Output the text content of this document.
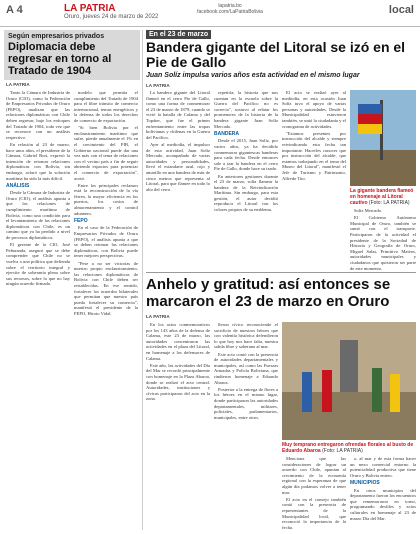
A 4	LA PATRIA
Oruro, jueves 24 de marzo de 2022
lapatria.bo
facebook.com/LaPatriaBolivia	local
Según empresarios privados
Diplomacia debe regresar en torno al Tratado de 1904
LA PATRIA

Tanto la Cámara de Industria de Oruro (CIO), como la Federación de Empresarios Privados de Oruro (FEPO), analizan que las relaciones diplomáticas con Chile deben regresar, bajo los enfoques del Tratado de 1904, toda vez que se reconoce con un análisis respectivo.

En relación al 23 de marzo, hace unos años, el presidente de la Cámara, Gabriel Bori, expresó la intención de retomar relaciones diplomáticas con Bolivia, sin embargo, aclaró que la solución marítima ha sido la más difícil.

ANÁLISIS

Desde la Cámara de Industria de Oruro (CIO), el análisis apunta a que las relaciones de cumplimiento marítimo de Bolivia, como una condición para el levantamiento de las relaciones diplomáticas con Chile, es un camino que ya ha perdido a nivel de procesos diplomáticos.

El gerente de la CIO, José Peñaranda, aseguró que se debe comprender que Chile no se vuelva a una política que defienda sobre el territorio integral y ejercite de soberanía plena sobre sus recursos, sobre lo que no hay ningún acuerdo firmado.

modelo que permita el cumplimiento del Tratado de 1904 para el libre tránsito de comercio internacional, temas energéticos y la defensa de todos los derechos de comercio de exportación.

"Si bien Bolivia por el enclaustramiento marítimo que sufre, pierde anualmente el 1% en el crecimiento del PIB, el Gobierno nacional puede dar una vez más con el tema de relaciones con el vecino país a fin de seguir abriendo espacios para potenciar el comercio de exportación", acotó.

Entre los principales reclamos está la reconstrucción de la vía férrea, la mayor eficiencia en los puertos, los costos de almacenamiento y el control aduanero.

FEPO

En el caso de la Federación de Empresarios Privados de Oruro (FEPO), el análisis apunta a que se deben retomar las relaciones diplomáticas, con Bolivia puede tener mejores perspectivas.

"Pese a no ser victorias de nuestro propio enclaustramiento, las relaciones diplomáticas de Bolivia con Chile deben ser restablecidas. En ese sentido, fortalecer los acuerdos bilaterales que permitan que nuestro país pueda fortalecer su comercio", manifestó el presidente de la FEPO, Hiroto Vidal.

En el 23 de marzo
Bandera gigante del Litoral se izó en el Pie de Gallo
Juan Solíz impulsa varios años esta actividad en el mismo lugar
LA PATRIA

La bandera gigante del Litoral flameó en el cerro Pie de Gallo, como una forma de conmemorar el 23 de marzo de 1879, cuando se vivió la batalla de Calama y del Topáter, que fue el primer enfrentamiento entre las tropas bolivianas y chilenas en la Guerra del Pacífico.

Ayer al mediodía, el impulsor de esta actividad, Juan Solíz Mercado, acompañado de varias autoridades y personalidades, llevó el estandarte azul, rojo y amarillo en una bandera de más de cinco metros que representa al Litoral, para que flamee en todo lo alto del cerro.

repetirla; la historia que nos cuentan en la escuela sobre la Guerra del Pacífico no es correcta", sostuvo al relatar los pormenores de la historia de la bandera gigante Juan Solíz Mercado.

BANDERA

Desde el 2015, Juan Solíz, por varios años, ya ha decidido conmemorar gigantescas banderas para cada fecha. Desde entonces sale a izar la bandera en el cerro Pie de Gallo, donde hace su izado.

En anteriores gestiones durante el 23 de marzo, solía flamear la bandera de la Reivindicación Marítima. Sin embargo, para esta gestión, el autor decidió reproducir el Litoral con los colores propios de su emblema.

El acto se realizó ayer al mediodía, en esta ocasión Juan Solíz tuvo el apoyo de varias personas y autoridades. Desde la Municipalidad estuvieron también, se unió la ciudadanía y el cronograma de actividades.

"Estamos presentes por instrucción del alcalde y siempre reivindicando esta fecha tan importante. Hacerles conocer que por instrucción del alcalde, que estamos trabajando en el tema del Museo del Litoral", manifestó el Jefe de Turismo y Patrimonio, Alfredo Tito.

La gigante bandera flameó en homenaje al Litoral cautivo (Foto: LA PATRIA)

Solíz Mercado.

El Gobierno Autónomo Municipal de Oruro, también se sumó con el transporte. Participaron de la actividad el presidente de la Sociedad de Historia y Geografía de Oruro, Miguel Salas, Primitivo Mateos, autoridades municipales y ciudadanos que quisieron ser parte de este momento.

Anhelo y gratitud: así entonces se marcaron el 23 de marzo en Oruro
LA PATRIA

En los actos conmemorativos por los 143 años de la defensa de Calama, este 23 de marzo, las autoridades concentraron las actividades en el plaza del Litoral, en homenaje a los defensores de Calama.

Este año, las actividades del Día del Mar se recordó principalmente con homenaje en la Plaza Abaroa, donde se realizó el acto central. Autoridades, instituciones y cívicas participaron del acto en la zona.

lleron cívico reconociendo el sacrificio de nuestros héroes que con valentía histórica defendieron lo que hoy nos hace falta, nuestra salida libre y soberana al mar.

Este acto contó con la presencia de autoridades departamentales y municipales, así como las Fuerzas Armadas y Policía Boliviana, que rindieron homenaje a Eduardo Abaroa.

Posterior a la entrega de flores a los héroes en el mismo lugar, donde participaron las autoridades departamentales, militares, policiales, parlamentarios, municipales, entre otros.

Muy temprano entregaron ofrendas florales al busto de Eduardo Abaroa (Foto: LA PATRIA)

Menciona que las consideraciones de lograr un acuerdo con Chile, apuntan al crecimiento de la economía regional con la esperanza de que algún día podamos volver a tener mar.

El acto en el consejo también contó con la presencia de representantes de la Municipalidad local, que reconoció la importancia de la fecha.

o, al mar y de esta forma hacer un nexo comercial entorno la potencialidad productiva que tiene Oruro y Bolivia entero.

MUNICIPIOS

En otros municipios del departamento fueron los encuentros que rememoraron en torno, programando desfiles y actos culturales en homenaje al 23 de marzo Día del Mar.
